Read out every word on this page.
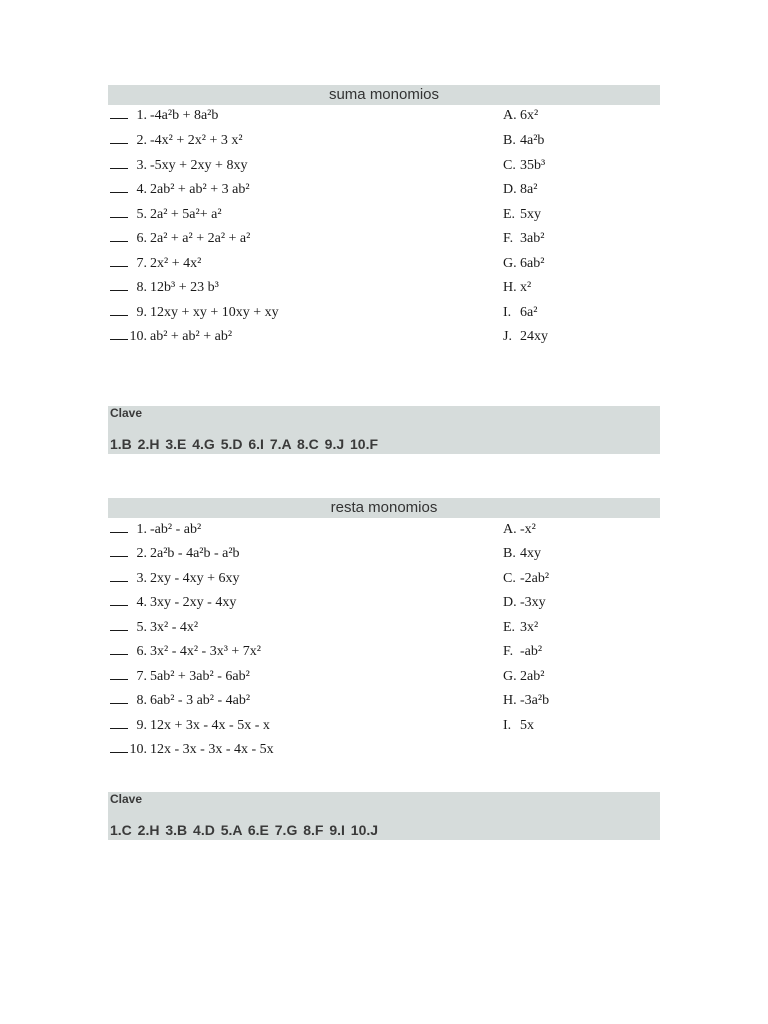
suma monomios
1. -4a²b + 8a²b	A. 6x²
2. -4x² + 2x² + 3 x²	B. 4a²b
3. -5xy + 2xy + 8xy	C. 35b³
4. 2ab² + ab² + 3 ab²	D. 8a²
5. 2a² + 5a²+ a²	E. 5xy
6. 2a² + a² + 2a² + a²	F. 3ab²
7. 2x² + 4x²	G. 6ab²
8. 12b³ + 23 b³	H. x²
9. 12xy + xy + 10xy + xy	I. 6a²
10. ab² + ab² + ab²	J. 24xy
Clave
1.B 2.H 3.E 4.G 5.D 6.I 7.A 8.C 9.J 10.F
resta monomios
1. -ab² - ab²	A. -x²
2. 2a²b - 4a²b - a²b	B. 4xy
3. 2xy - 4xy + 6xy	C. -2ab²
4. 3xy - 2xy - 4xy	D. -3xy
5. 3x² - 4x²	E. 3x²
6. 3x² - 4x² - 3x³ + 7x²	F. -ab²
7. 5ab² + 3ab² - 6ab²	G. 2ab²
8. 6ab² - 3 ab² - 4ab²	H. -3a²b
9. 12x + 3x - 4x - 5x - x	I. 5x
10. 12x - 3x - 3x - 4x - 5x
Clave
1.C 2.H 3.B 4.D 5.A 6.E 7.G 8.F 9.I 10.J
